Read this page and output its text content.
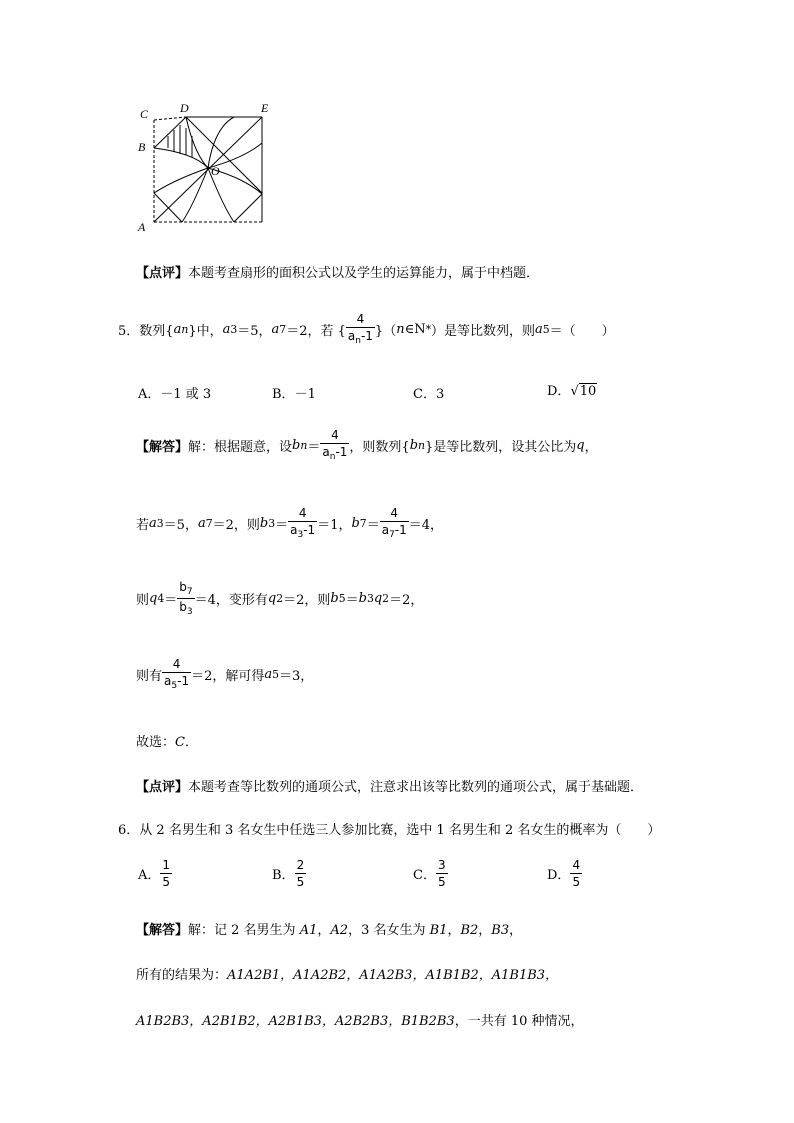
C	D	E
B
O
A
【点评】本题考查扇形的面积公式以及学生的运算能力，属于中档题．
5． 数列{ a n }中， a 3 ＝5， a 7 ＝2，若 { $\frac{4}{a_n-1}$ }（ n ∈N * ）是等比数列，则 a 5 ＝（　　）
A．－1 或 3	B．－1	C．3	D．√10
【解答】 解：根据题意，设 b $n = \frac{4}{a_n-1}$ ，则数列{ b n }是等比数列，设其公比为 q ，
若 a 3 ＝5， a 7 ＝2，则 b $3 = \frac{4}{a_3-1} =1$， b $7 = \frac{4}{a_7-1} =4$，
则 q $4 = \frac{b_7}{b_3} =4$，变形有 q 2 ＝2，则 b 5 ＝ b 3 q 2 ＝2，
则有 $\frac{4}{a_5-1} =2$，解可得 a 5 ＝3，
故选：C．
【点评】本题考查等比数列的通项公式，注意求出该等比数列的通项公式，属于基础题．
6．从 2 名男生和 3 名女生中任选三人参加比赛，选中 1 名男生和 2 名女生的概率为（　　）
A． $\frac{1}{5}$	B． $\frac{2}{5}$	C． $\frac{3}{5}$	D． $\frac{4}{5}$
【解答】解：记 2 名男生为 A1，A2，3 名女生为 B1，B2，B3，
所有的结果为：A1A2B1，A1A2B2，A1A2B3，A1B1B2，A1B1B3，
A1B2B3，A2B1B2，A2B1B3，A2B2B3，B1B2B3，一共有 10 种情况，
